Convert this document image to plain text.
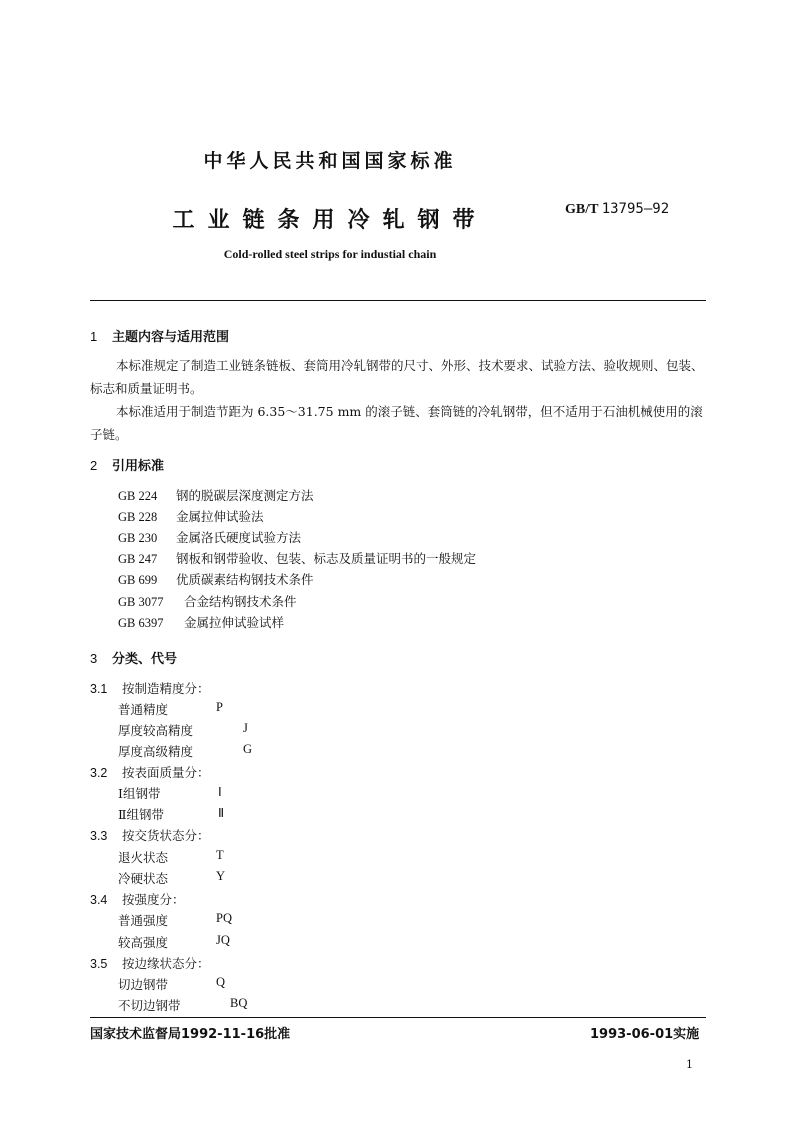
中华人民共和国国家标准
工业链条用冷轧钢带	GB/T 13795—92
Cold-rolled steel strips for industial chain
1 主题内容与适用范围

本标准规定了制造工业链条链板、套筒用冷轧钢带的尺寸、外形、技术要求、试验方法、验收规则、包装、标志和质量证明书。

本标准适用于制造节距为 6.35～31.75 mm 的滚子链、套筒链的冷轧钢带，但不适用于石油机械使用的滚子链。

2 引用标准
GB 224 钢的脱碳层深度测定方法
GB 228 金属拉伸试验法
GB 230 金属洛氏硬度试验方法
GB 247 钢板和钢带验收、包装、标志及质量证明书的一般规定
GB 699 优质碳素结构钢技术条件
GB 3077 合金结构钢技术条件
GB 6397 金属拉伸试验试样
3 分类、代号
3.1 按制造精度分：
普通精度	P
厚度较高精度	J
厚度高级精度	G
3.2 按表面质量分：
Ⅰ组钢带	Ⅰ
Ⅱ组钢带	Ⅱ
3.3 按交货状态分：
退火状态	T
冷硬状态	Y
3.4 按强度分：
普通强度	PQ
较高强度	JQ
3.5 按边缘状态分：
切边钢带	Q
不切边钢带	BQ
国家技术监督局1992-11-16批准	1993-06-01实施
1
